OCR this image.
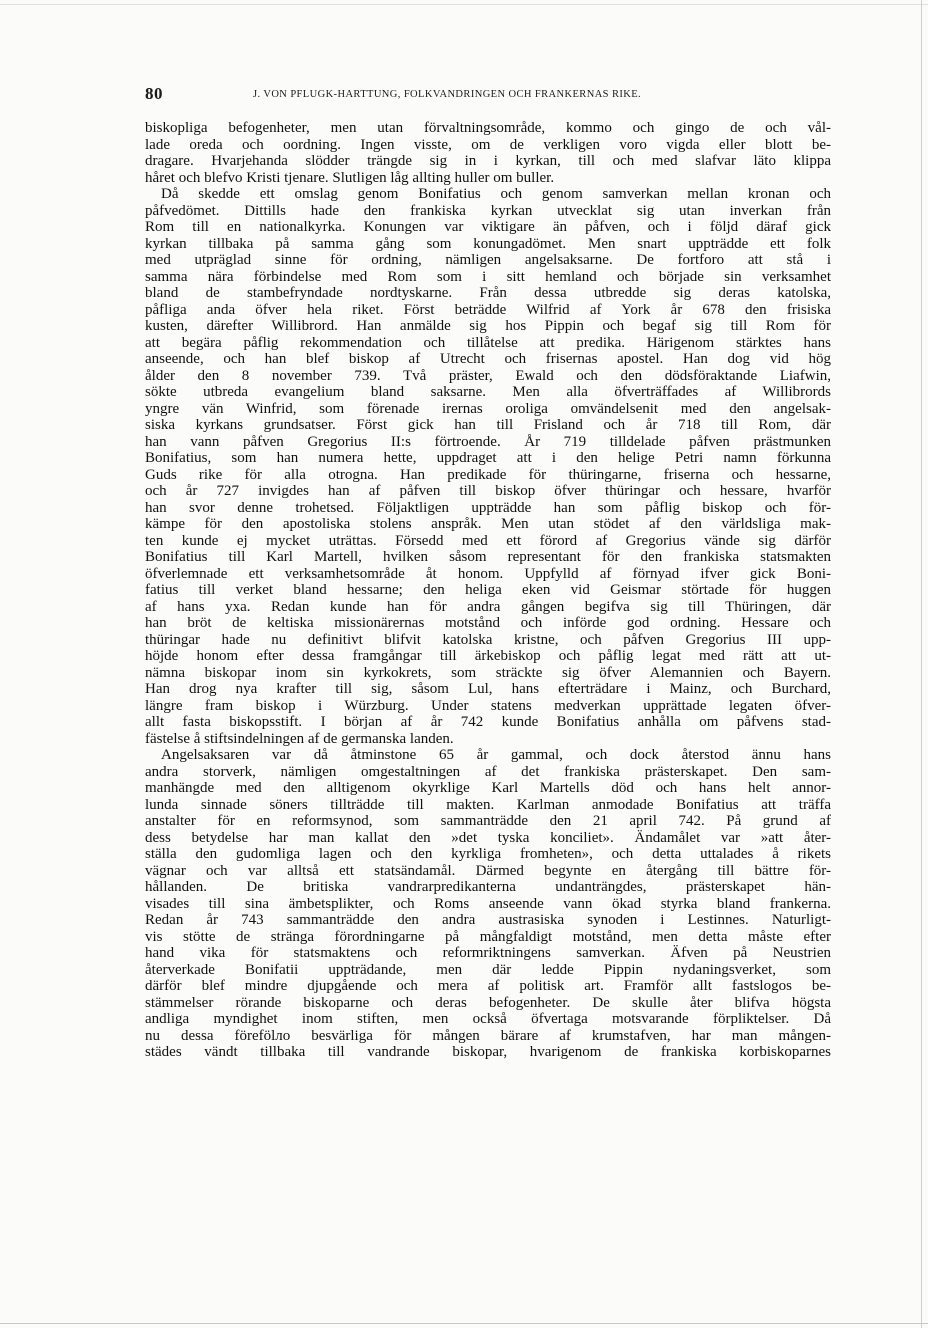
80	J. VON PFLUGK-HARTTUNG, FOLKVANDRINGEN OCH FRANKERNAS RIKE.
biskopliga befogenheter, men utan förvaltningsområde, kommo och gingo de och vål-
lade oreda och oordning. Ingen visste, om de verkligen voro vigda eller blott be-
dragare. Hvarjehanda slödder trängde sig in i kyrkan, till och med slafvar läto klippa
håret och blefvo Kristi tjenare. Slutligen låg allting huller om buller.
Då skedde ett omslag genom Bonifatius och genom samverkan mellan kronan och
påfvedömet. Dittills hade den frankiska kyrkan utvecklat sig utan inverkan från
Rom till en nationalkyrka. Konungen var viktigare än påfven, och i följd däraf gick
kyrkan tillbaka på samma gång som konungadömet. Men snart uppträdde ett folk
med utpräglad sinne för ordning, nämligen angelsaksarne. De fortforo att stå i
samma nära förbindelse med Rom som i sitt hemland och började sin verksamhet
bland de stambefryndade nordtyskarne. Från dessa utbredde sig deras katolska,
påfliga anda öfver hela riket. Först beträdde Wilfrid af York år 678 den frisiska
kusten, därefter Willibrord. Han anmälde sig hos Pippin och begaf sig till Rom för
att begära påflig rekommendation och tillåtelse att predika. Härigenom stärktes hans
anseende, och han blef biskop af Utrecht och frisernas apostel. Han dog vid hög
ålder den 8 november 739. Två präster, Ewald och den dödsföraktande Liafwin,
sökte utbreda evangelium bland saksarne. Men alla öfverträffades af Willibrords
yngre vän Winfrid, som förenade irernas oroliga omvändelsenit med den angelsak-
siska kyrkans grundsatser. Först gick han till Frisland och år 718 till Rom, där
han vann påfven Gregorius II:s förtroende. År 719 tilldelade påfven prästmunken
Bonifatius, som han numera hette, uppdraget att i den helige Petri namn förkunna
Guds rike för alla otrogna. Han predikade för thüringarne, friserna och hessarne,
och år 727 invigdes han af påfven till biskop öfver thüringar och hessare, hvarför
han svor denne trohetsed. Följaktligen uppträdde han som påflig biskop och för-
kämpe för den apostoliska stolens anspråk. Men utan stödet af den världsliga mak-
ten kunde ej mycket uträttas. Försedd med ett förord af Gregorius vände sig därför
Bonifatius till Karl Martell, hvilken såsom representant för den frankiska statsmakten
öfverlemnade ett verksamhetsområde åt honom. Uppfylld af förnyad ifver gick Boni-
fatius till verket bland hessarne; den heliga eken vid Geismar störtade för huggen
af hans yxa. Redan kunde han för andra gången begifva sig till Thüringen, där
han bröt de keltiska missionärernas motstånd och införde god ordning. Hessare och
thüringar hade nu definitivt blifvit katolska kristne, och påfven Gregorius III upp-
höjde honom efter dessa framgångar till ärkebiskop och påflig legat med rätt att ut-
nämna biskopar inom sin kyrkokrets, som sträckte sig öfver Alemannien och Bayern.
Han drog nya krafter till sig, såsom Lul, hans efterträdare i Mainz, och Burchard,
längre fram biskop i Würzburg. Under statens medverkan upprättade legaten öfver-
allt fasta biskopsstift. I början af år 742 kunde Bonifatius anhålla om påfvens stad-
fästelse å stiftsindelningen af de germanska landen.
Angelsaksaren var då åtminstone 65 år gammal, och dock återstod ännu hans
andra storverk, nämligen omgestaltningen af det frankiska prästerskapet. Den sam-
manhängde med den alltigenom okyrklige Karl Martells död och hans helt annor-
lunda sinnade söners tillträdde till makten. Karlman anmodade Bonifatius att träffa
anstalter för en reformsynod, som sammanträdde den 21 april 742. På grund af
dess betydelse har man kallat den »det tyska konciliet». Ändamålet var »att åter-
ställa den gudomliga lagen och den kyrkliga fromheten», och detta uttalades å rikets
vägnar och var alltså ett statsändamål. Därmed begynte en återgång till bättre för-
hållanden. De britiska vandrarpredikanterna undanträngdes, prästerskapet hän-
visades till sina ämbetsplikter, och Roms anseende vann ökad styrka bland frankerna.
Redan år 743 sammanträdde den andra austrasiska synoden i Lestinnes. Naturligt-
vis stötte de stränga förordningarne på mångfaldigt motstånd, men detta måste efter
hand vika för statsmaktens och reformriktningens samverkan. Äfven på Neustrien
återverkade Bonifatii uppträdande, men där ledde Pippin nydaningsverket, som
därför blef mindre djupgående och mera af politisk art. Framför allt fastslogos be-
stämmelser rörande biskoparne och deras befogenheter. De skulle åter blifva högsta
andliga myndighet inom stiften, men också öfvertaga motsvarande förpliktelser. Då
nu dessa förefölло besvärliga för mången bärare af krumstafven, har man mången-
städes vändt tillbaka till vandrande biskopar, hvarigenom de frankiska korbiskoparnes
